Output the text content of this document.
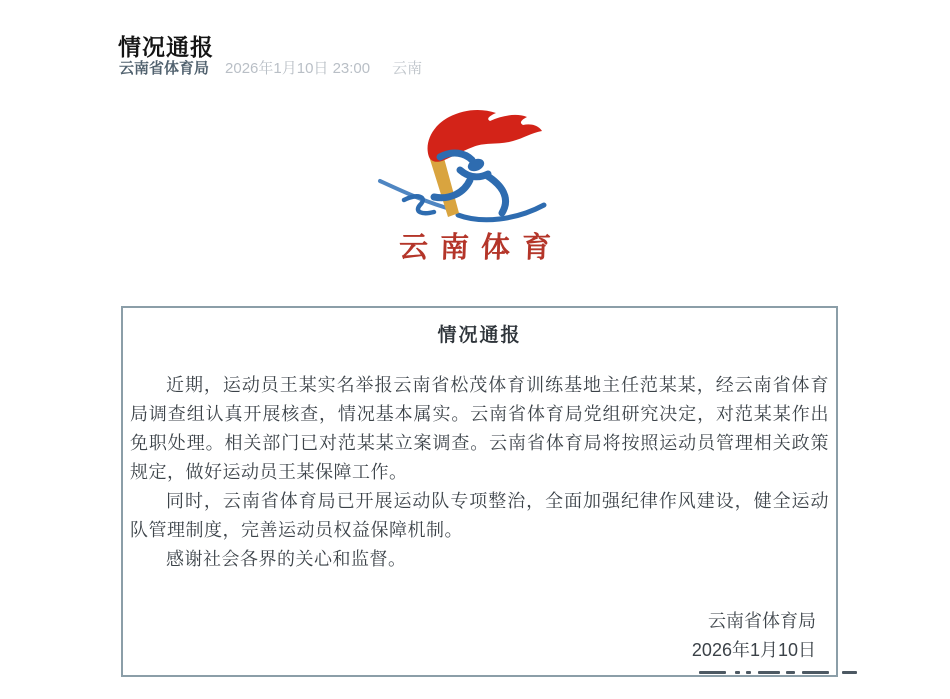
情况通报
云南省体育局 2026年1月10日 23:00 云南
云南体育
情况通报
近期，运动员王某实名举报云南省松茂体育训练基地主任范某某，经云南省体育
局调查组认真开展核查，情况基本属实。云南省体育局党组研究决定，对范某某作出
免职处理。相关部门已对范某某立案调查。云南省体育局将按照运动员管理相关政策
规定，做好运动员王某保障工作。
同时，云南省体育局已开展运动队专项整治，全面加强纪律作风建设，健全运动
队管理制度，完善运动员权益保障机制。
感谢社会各界的关心和监督。
云南省体育局
2026年1月10日
